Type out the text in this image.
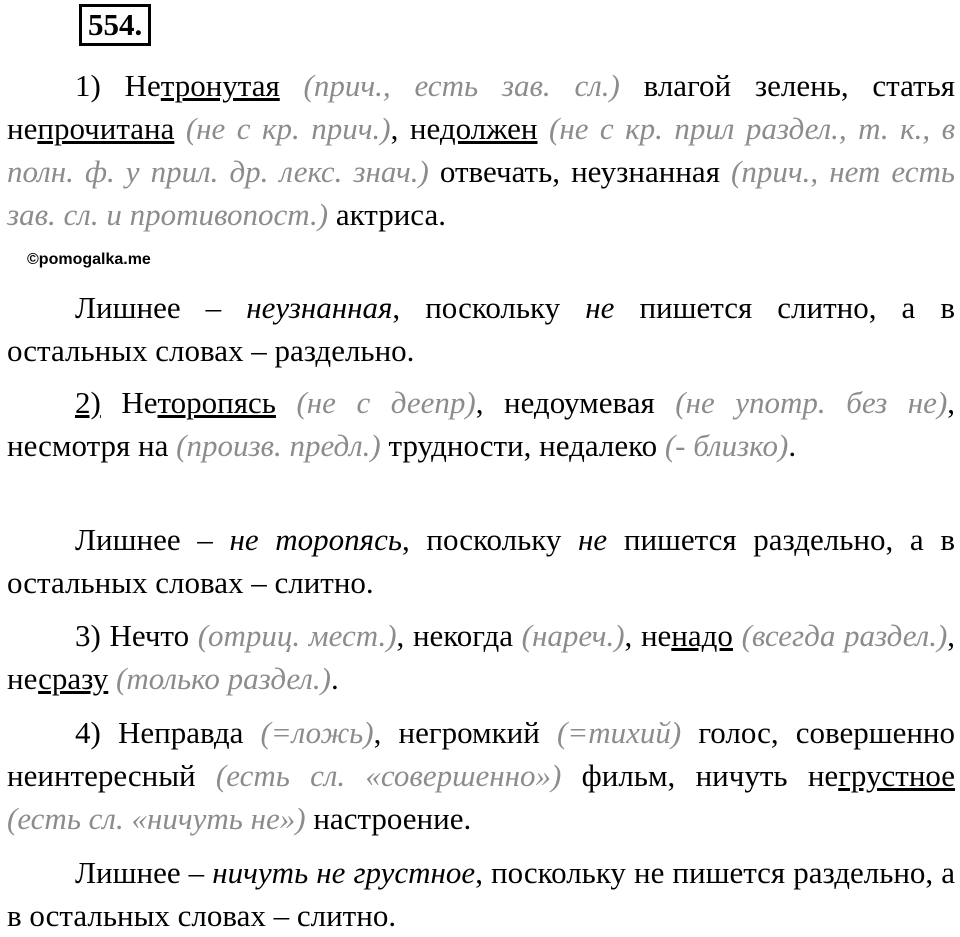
554.
1) Нетронутая (прич., есть зав. сл.) влагой зелень, статья непрочитана (не с кр. прич.), недолжен (не с кр. прил раздел., т. к., в полн. ф. у прил. др. лекс. знач.) отвечать, неузнанная (прич., нет есть зав. сл. и противопост.) актриса.
©pomogalka.me
Лишнее – неузнанная, поскольку не пишется слитно, а в остальных словах – раздельно.
2) Неторопясь (не с деепр), недоумевая (не употр. без не), несмотря на (произв. предл.) трудности, недалеко (- близко).
Лишнее – не торопясь, поскольку не пишется раздельно, а в остальных словах – слитно.
3) Нечто (отриц. мест.), некогда (нареч.), ненадо (всегда раздел.), несразу (только раздел.).
4) Неправда (=ложь), негромкий (=тихий) голос, совершенно неинтересный (есть сл. «совершенно») фильм, ничуть негрустное (есть сл. «ничуть не») настроение.
Лишнее – ничуть не грустное, поскольку не пишется раздельно, а в остальных словах – слитно.
